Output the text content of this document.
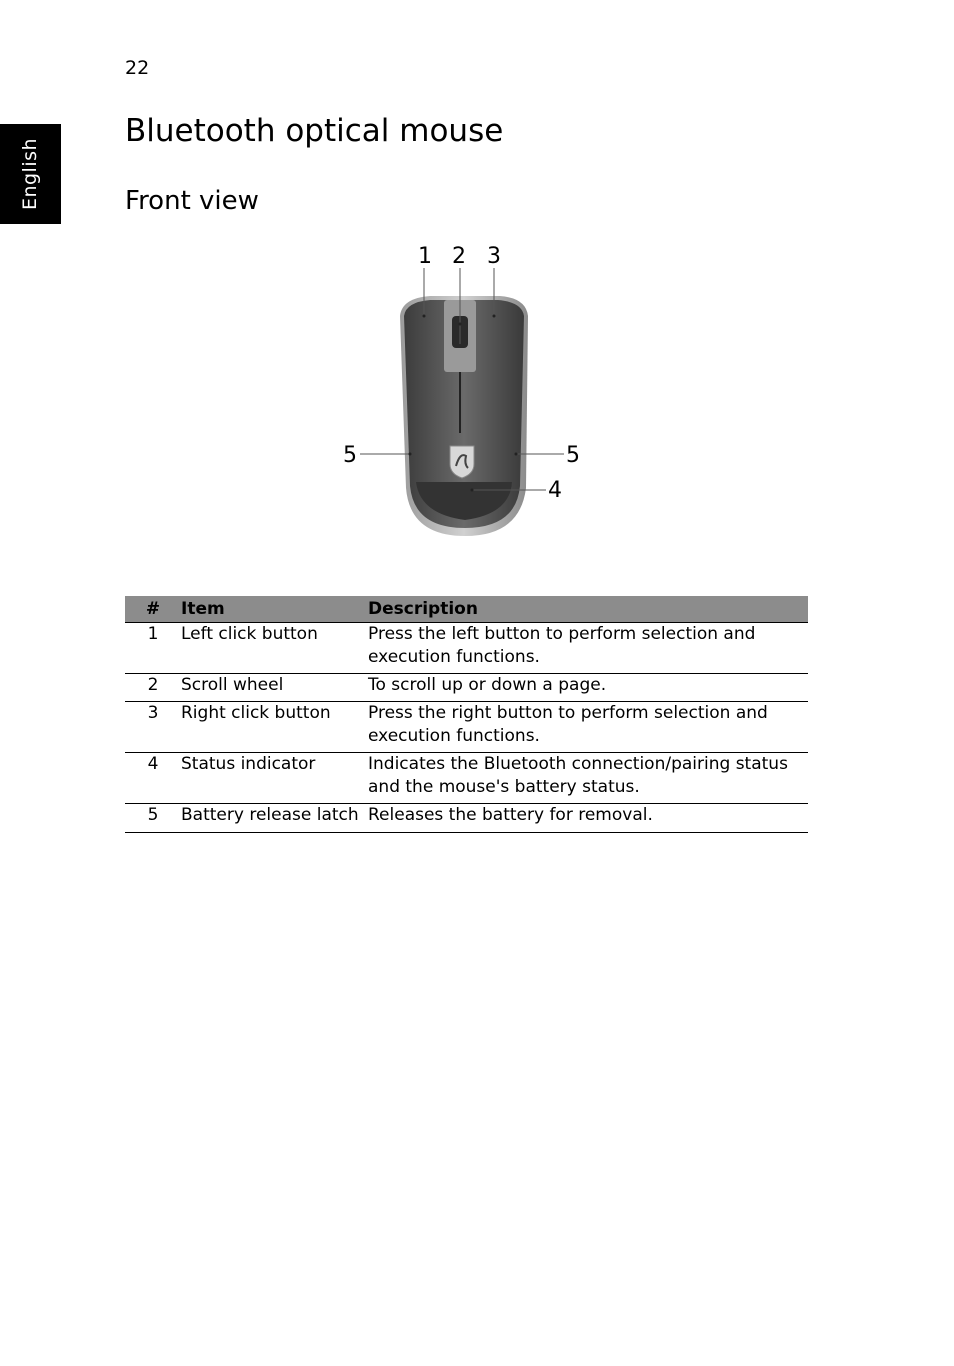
22
English
Bluetooth optical mouse
Front view
1 2 3
5	5
4
#	Item	Description
1	Left click button	Press the left button to perform selection and execution functions.
2	Scroll wheel	To scroll up or down a page.
3	Right click button	Press the right button to perform selection and execution functions.
4	Status indicator	Indicates the Bluetooth connection/pairing status and the mouse's battery status.
5	Battery release latch	Releases the battery for removal.
